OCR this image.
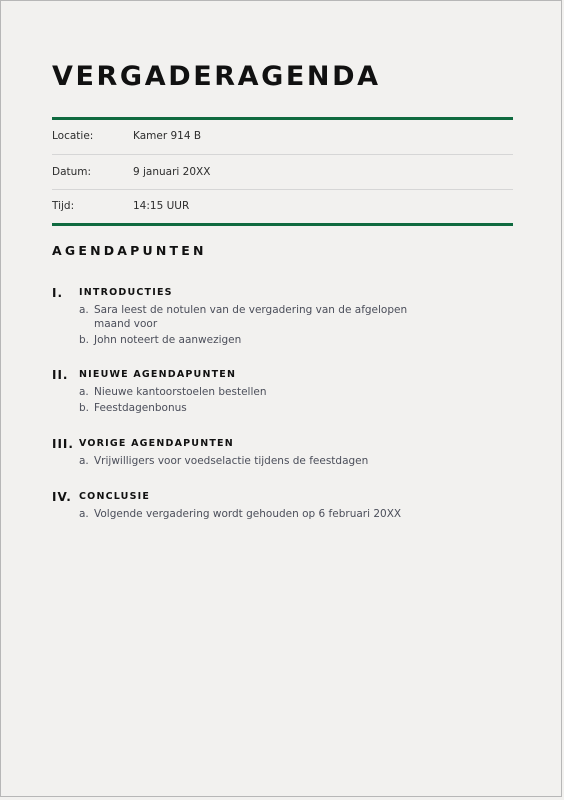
VERGADERAGENDA
Locatie:	Kamer 914 B
Datum:	9 januari 20XX
Tijd:	14:15 UUR
AGENDAPUNTEN
I. INTRODUCTIES
a. Sara leest de notulen van de vergadering van de afgelopen maand voor
b. John noteert de aanwezigen
II. NIEUWE AGENDAPUNTEN
a. Nieuwe kantoorstoelen bestellen
b. Feestdagenbonus
III. VORIGE AGENDAPUNTEN
a. Vrijwilligers voor voedselactie tijdens de feestdagen
IV. CONCLUSIE
a. Volgende vergadering wordt gehouden op 6 februari 20XX
